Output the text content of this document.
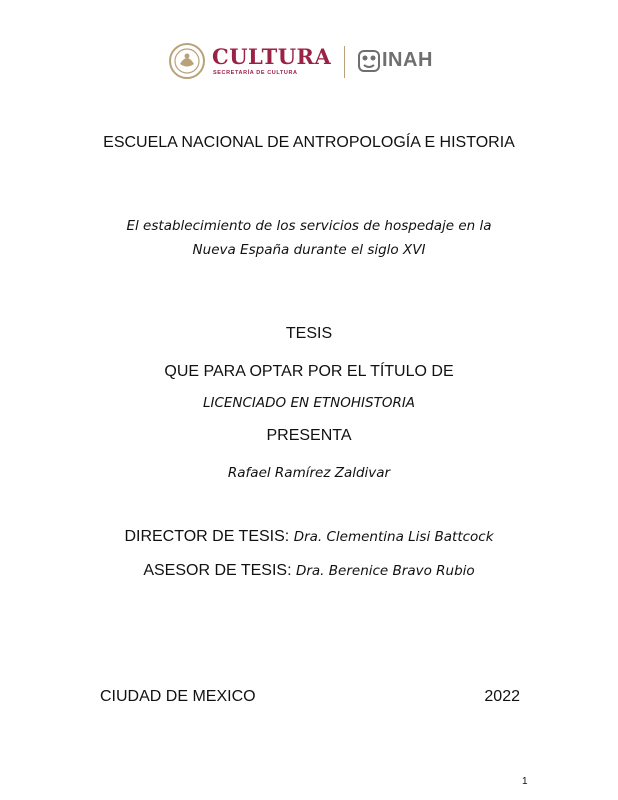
CULTURA
SECRETARÍA DE CULTURA
INAH
ESCUELA NACIONAL DE ANTROPOLOGÍA E HISTORIA
El establecimiento de los servicios de hospedaje en la
Nueva España durante el siglo XVI
TESIS
QUE PARA OPTAR POR EL TÍTULO DE
LICENCIADO EN ETNOHISTORIA
PRESENTA
Rafael Ramírez Zaldivar
DIRECTOR DE TESIS: Dra. Clementina Lisi Battcock
ASESOR DE TESIS: Dra. Berenice Bravo Rubio
CIUDAD DE MEXICO	2022
1
